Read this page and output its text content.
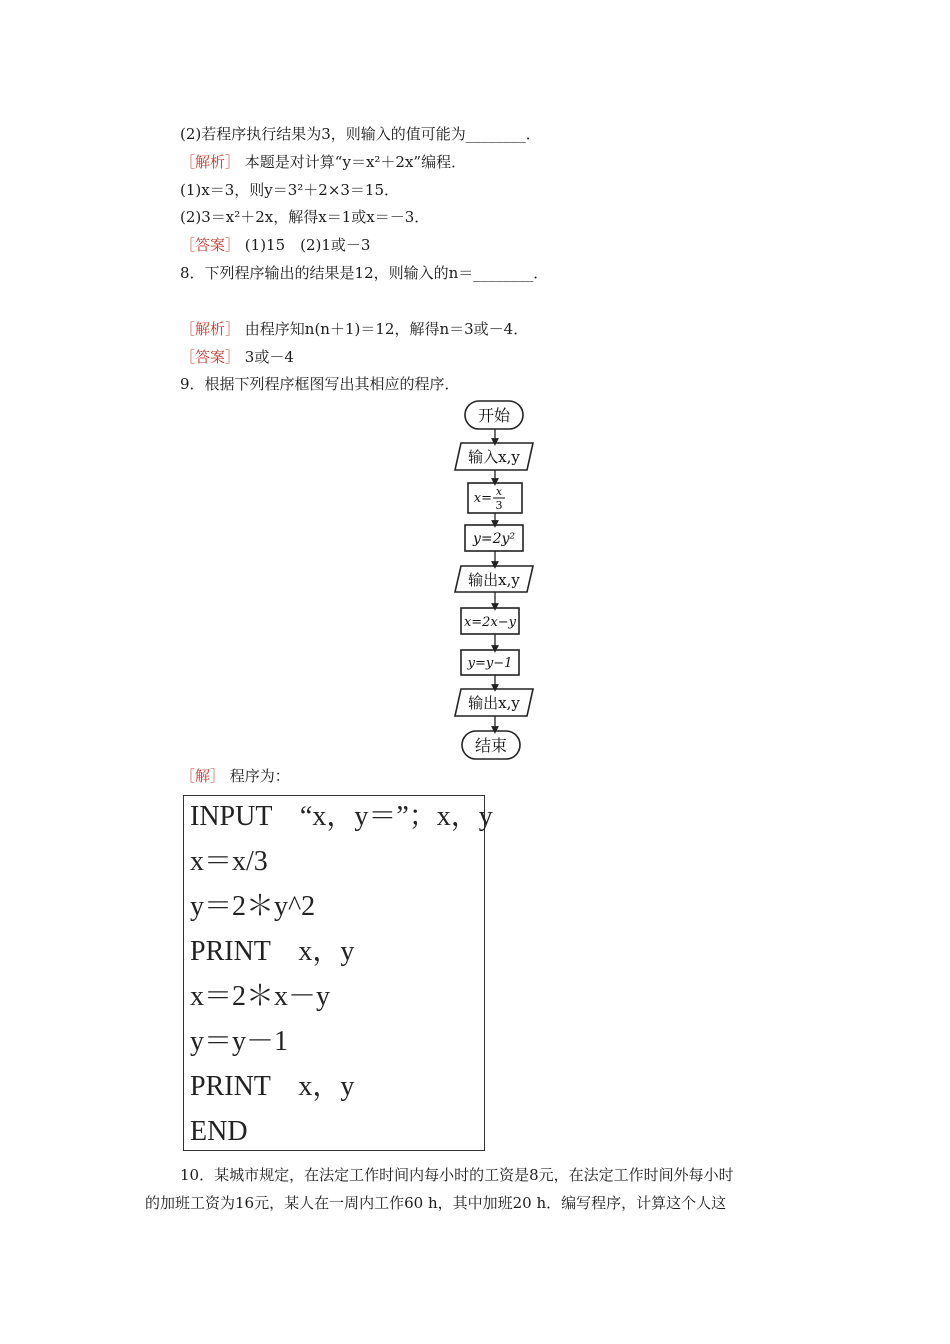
(2)若程序执行结果为3，则输入的值可能为________．
［解析］ 本题是对计算“y＝x²＋2x”编程．
(1)x＝3，则y＝3²＋2×3＝15．
(2)3＝x²＋2x，解得x＝1或x＝－3．
［答案］ (1)15　(2)1或－3
8．下列程序输出的结果是12，则输入的n＝________．
［解析］ 由程序知n(n＋1)＝12，解得n＝3或－4．
［答案］ 3或－4
9．根据下列程序框图写出其相应的程序．
开始
输入x,y
x= x
3
y=2y²
输出x,y
x=2x−y
y=y−1
输出x,y
结束
［解］ 程序为：
INPUT　“x，y＝”；x，y
x＝x/3
y＝2＊y^2
PRINT　x，y
x＝2＊x－y
y＝y－1
PRINT　x，y
END
10．某城市规定，在法定工作时间内每小时的工资是8元，在法定工作时间外每小时
的加班工资为16元，某人在一周内工作60 h，其中加班20 h．编写程序，计算这个人这
